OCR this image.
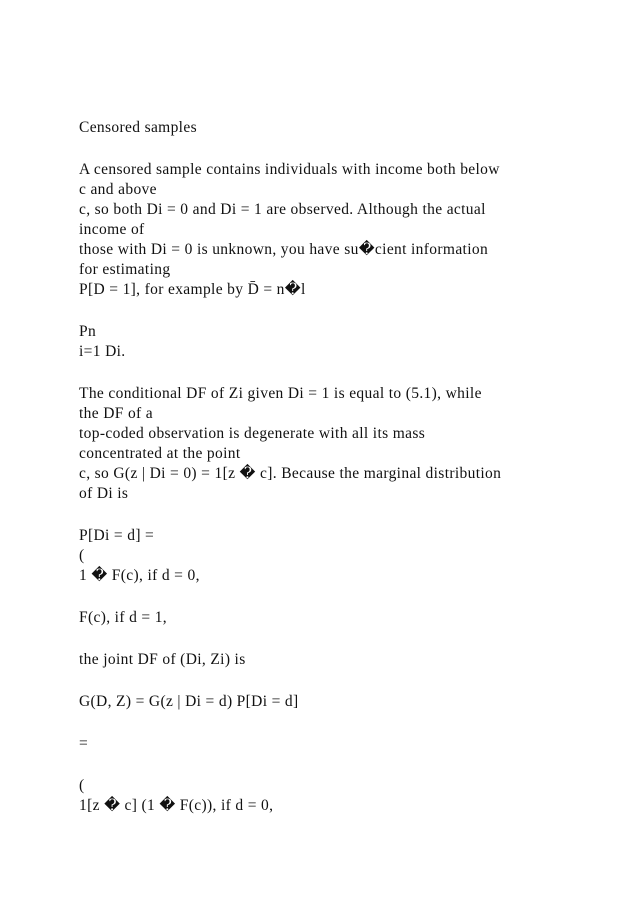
Censored samples

A censored sample contains individuals with income both below

c and above

c, so both Di = 0 and Di = 1 are observed. Although the actual

income of

those with Di = 0 is unknown, you have su�cient information

for estimating

P[D = 1], for example by D̄ = n�l

Pn

i=1 Di.

The conditional DF of Zi given Di = 1 is equal to (5.1), while

the DF of a

top-coded observation is degenerate with all its mass

concentrated at the point

c, so G(z | Di = 0) = 1[z � c]. Because the marginal distribution

of Di is

P[Di = d] =

(

1 � F(c), if d = 0,

F(c), if d = 1,

the joint DF of (Di, Zi) is

G(D, Z) = G(z | Di = d) P[Di = d]

=

(

1[z � c] (1 � F(c)), if d = 0,
